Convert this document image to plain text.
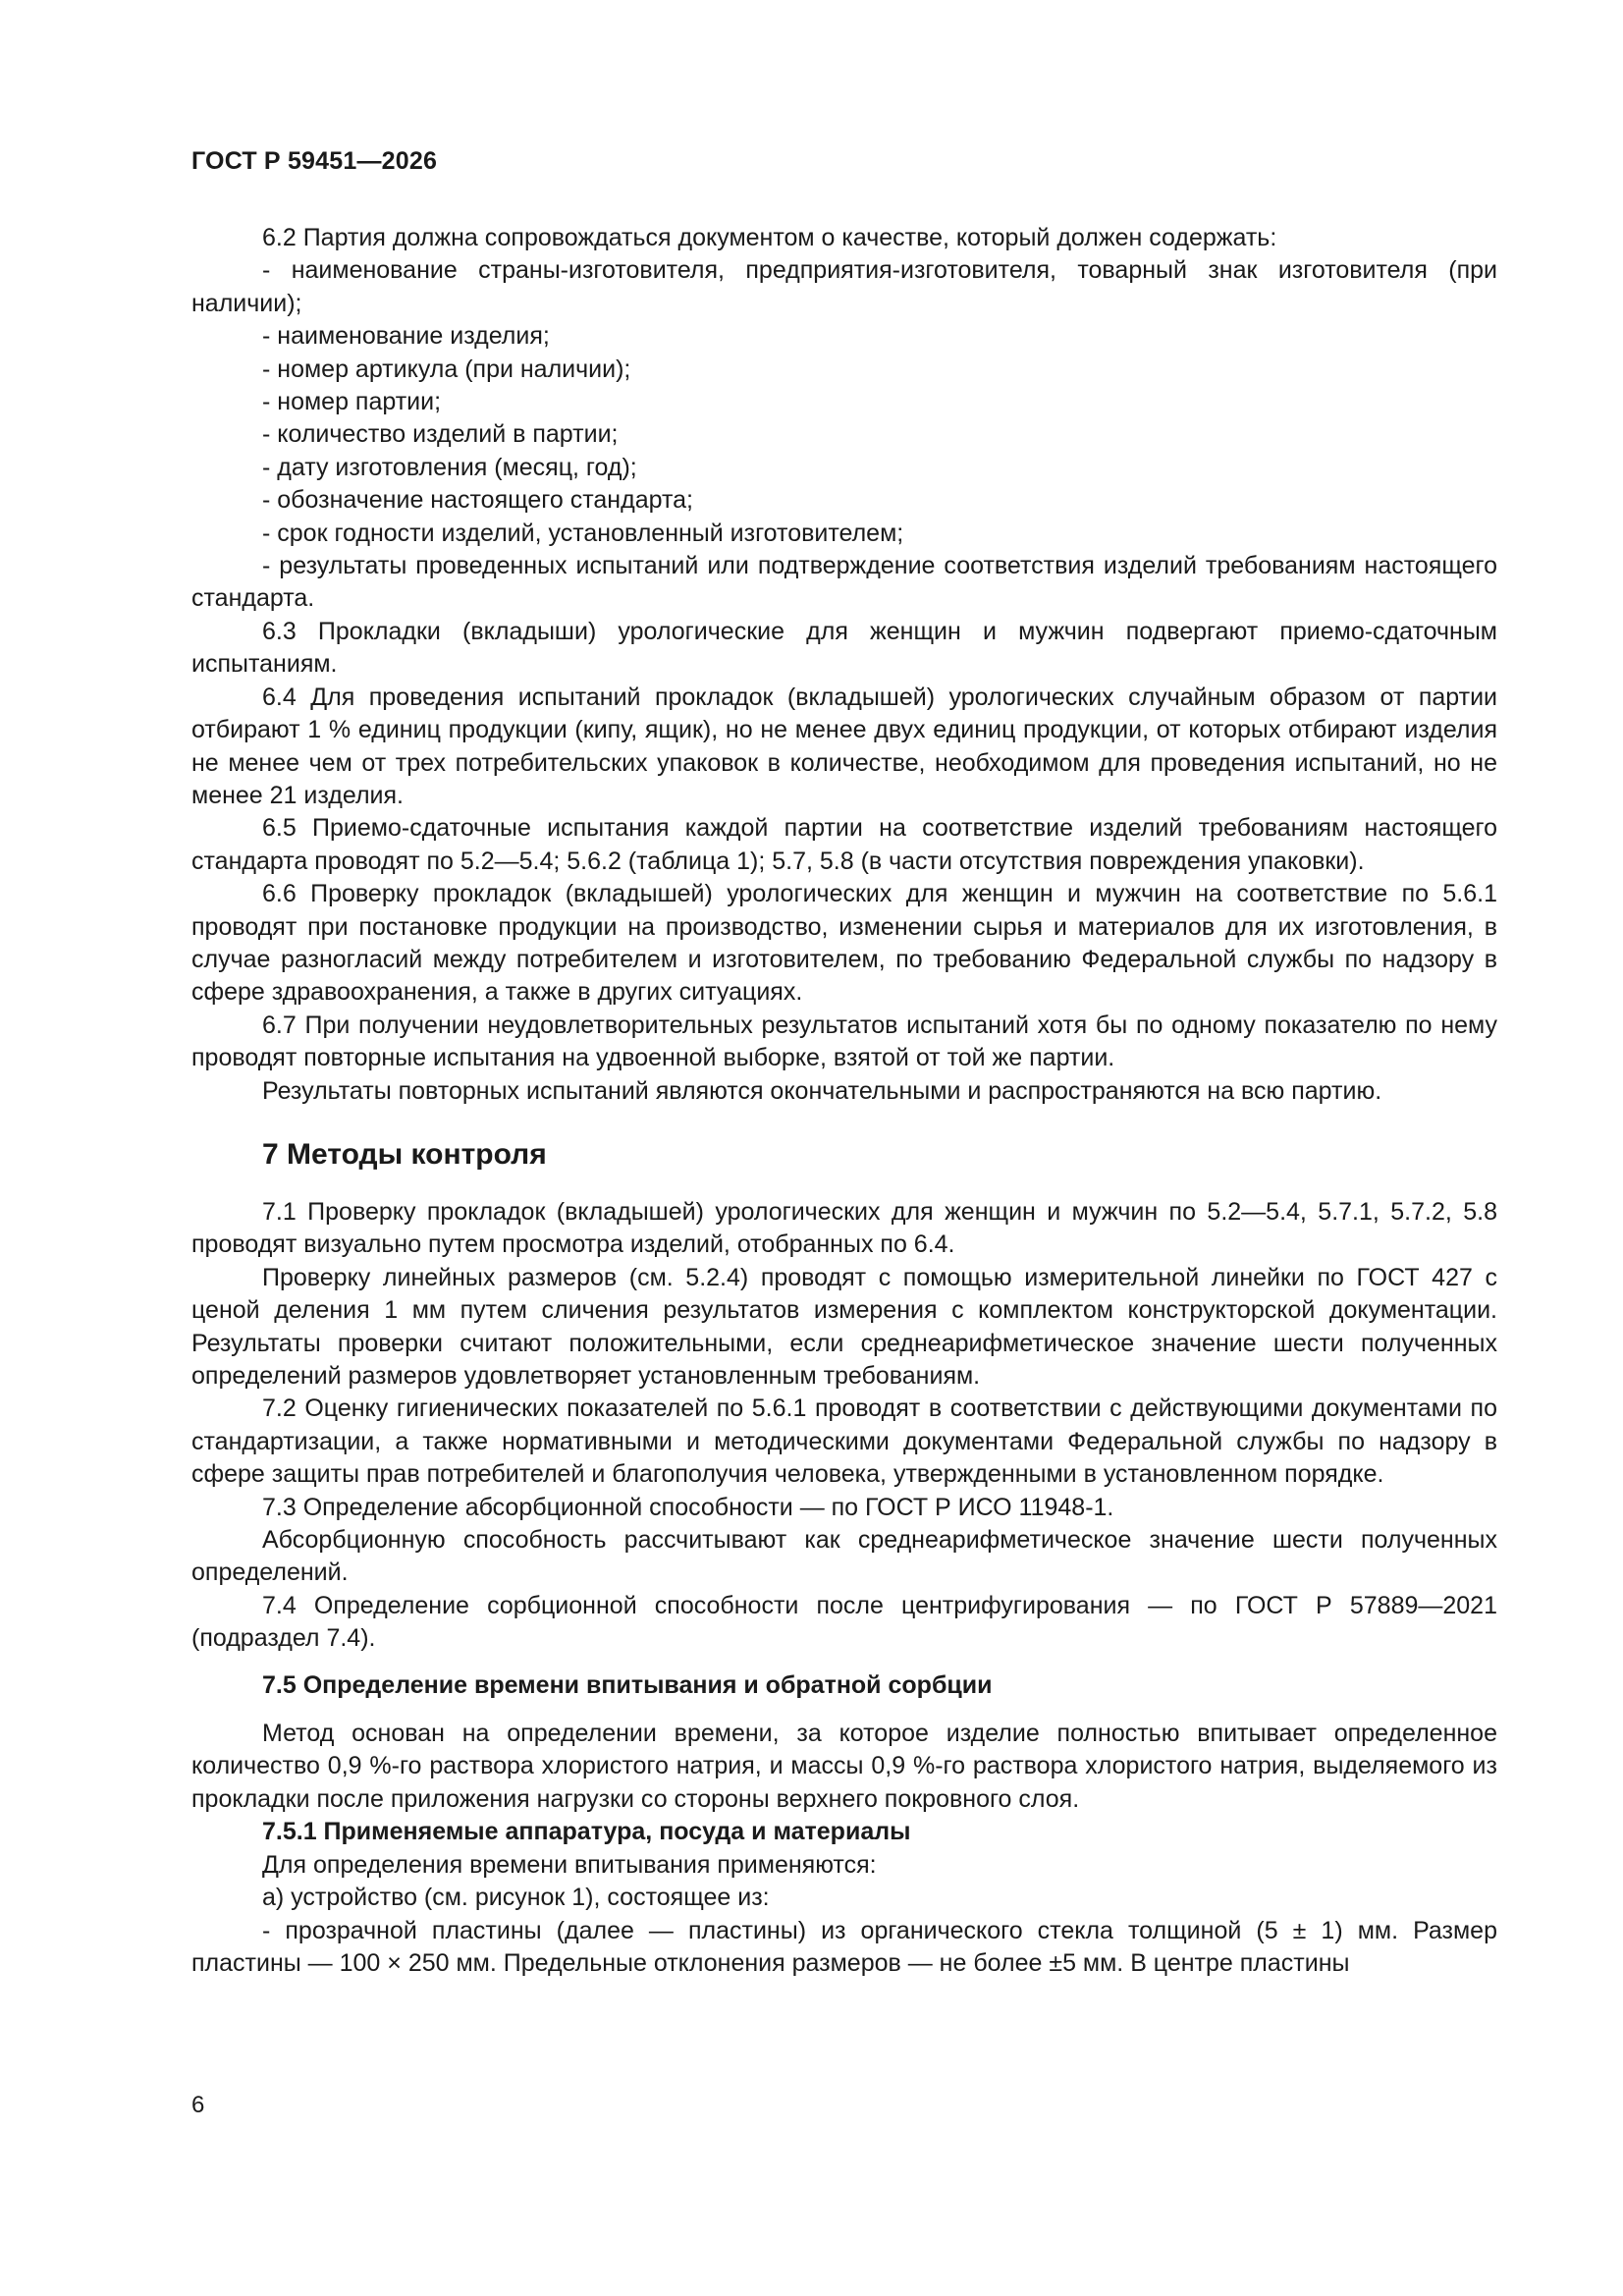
ГОСТ Р 59451—2026

6.2 Партия должна сопровождаться документом о качестве, который должен содержать:

- наименование страны-изготовителя, предприятия-изготовителя, товарный знак изготовителя (при наличии);

- наименование изделия;

- номер артикула (при наличии);

- номер партии;

- количество изделий в партии;

- дату изготовления (месяц, год);

- обозначение настоящего стандарта;

- срок годности изделий, установленный изготовителем;

- результаты проведенных испытаний или подтверждение соответствия изделий требованиям настоящего стандарта.

6.3 Прокладки (вкладыши) урологические для женщин и мужчин подвергают приемо-сдаточным испытаниям.

6.4 Для проведения испытаний прокладок (вкладышей) урологических случайным образом от партии отбирают 1 % единиц продукции (кипу, ящик), но не менее двух единиц продукции, от которых отбирают изделия не менее чем от трех потребительских упаковок в количестве, необходимом для проведения испытаний, но не менее 21 изделия.

6.5 Приемо-сдаточные испытания каждой партии на соответствие изделий требованиям настоящего стандарта проводят по 5.2—5.4; 5.6.2 (таблица 1); 5.7, 5.8 (в части отсутствия повреждения упаковки).

6.6 Проверку прокладок (вкладышей) урологических для женщин и мужчин на соответствие по 5.6.1 проводят при постановке продукции на производство, изменении сырья и материалов для их изготовления, в случае разногласий между потребителем и изготовителем, по требованию Федеральной службы по надзору в сфере здравоохранения, а также в других ситуациях.

6.7 При получении неудовлетворительных результатов испытаний хотя бы по одному показателю по нему проводят повторные испытания на удвоенной выборке, взятой от той же партии.

Результаты повторных испытаний являются окончательными и распространяются на всю партию.

7 Методы контроля

7.1 Проверку прокладок (вкладышей) урологических для женщин и мужчин по 5.2—5.4, 5.7.1, 5.7.2, 5.8 проводят визуально путем просмотра изделий, отобранных по 6.4.

Проверку линейных размеров (см. 5.2.4) проводят с помощью измерительной линейки по ГОСТ 427 с ценой деления 1 мм путем сличения результатов измерения с комплектом конструкторской документации. Результаты проверки считают положительными, если среднеарифметическое значение шести полученных определений размеров удовлетворяет установленным требованиям.

7.2 Оценку гигиенических показателей по 5.6.1 проводят в соответствии с действующими документами по стандартизации, а также нормативными и методическими документами Федеральной службы по надзору в сфере защиты прав потребителей и благополучия человека, утвержденными в установленном порядке.

7.3 Определение абсорбционной способности — по ГОСТ Р ИСО 11948-1.

Абсорбционную способность рассчитывают как среднеарифметическое значение шести полученных определений.

7.4 Определение сорбционной способности после центрифугирования — по ГОСТ Р 57889—2021 (подраздел 7.4).

7.5 Определение времени впитывания и обратной сорбции

Метод основан на определении времени, за которое изделие полностью впитывает определенное количество 0,9 %-го раствора хлористого натрия, и массы 0,9 %-го раствора хлористого натрия, выделяемого из прокладки после приложения нагрузки со стороны верхнего покровного слоя.

7.5.1 Применяемые аппаратура, посуда и материалы

Для определения времени впитывания применяются:

а) устройство (см. рисунок 1), состоящее из:

- прозрачной пластины (далее — пластины) из органического стекла толщиной (5 ± 1) мм. Размер пластины — 100 × 250 мм. Предельные отклонения размеров — не более ±5 мм. В центре пластины

6
